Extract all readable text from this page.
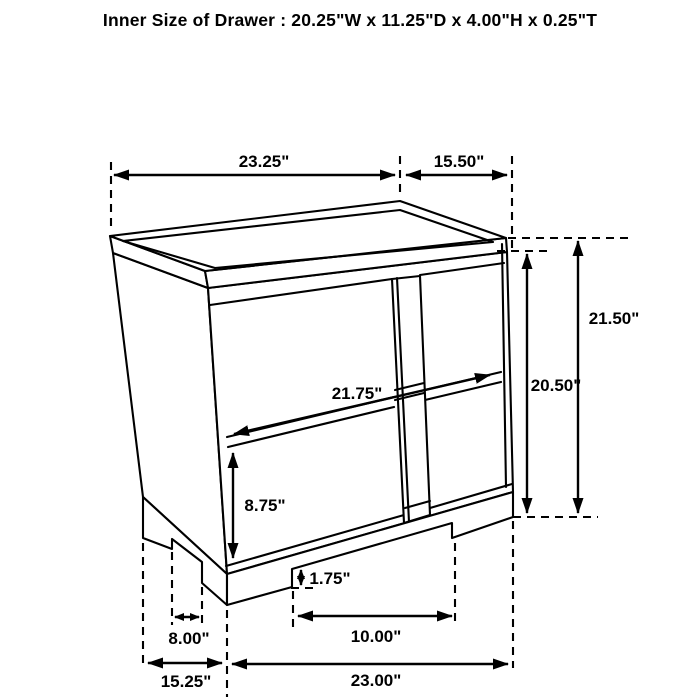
Inner Size of Drawer : 20.25"W x 11.25"D x 4.00"H x 0.25"T
23.25"	15.50"
21.50"
20.50"
21.75"
8.75"
1.75"
8.00"	10.00"
15.25"	23.00"
